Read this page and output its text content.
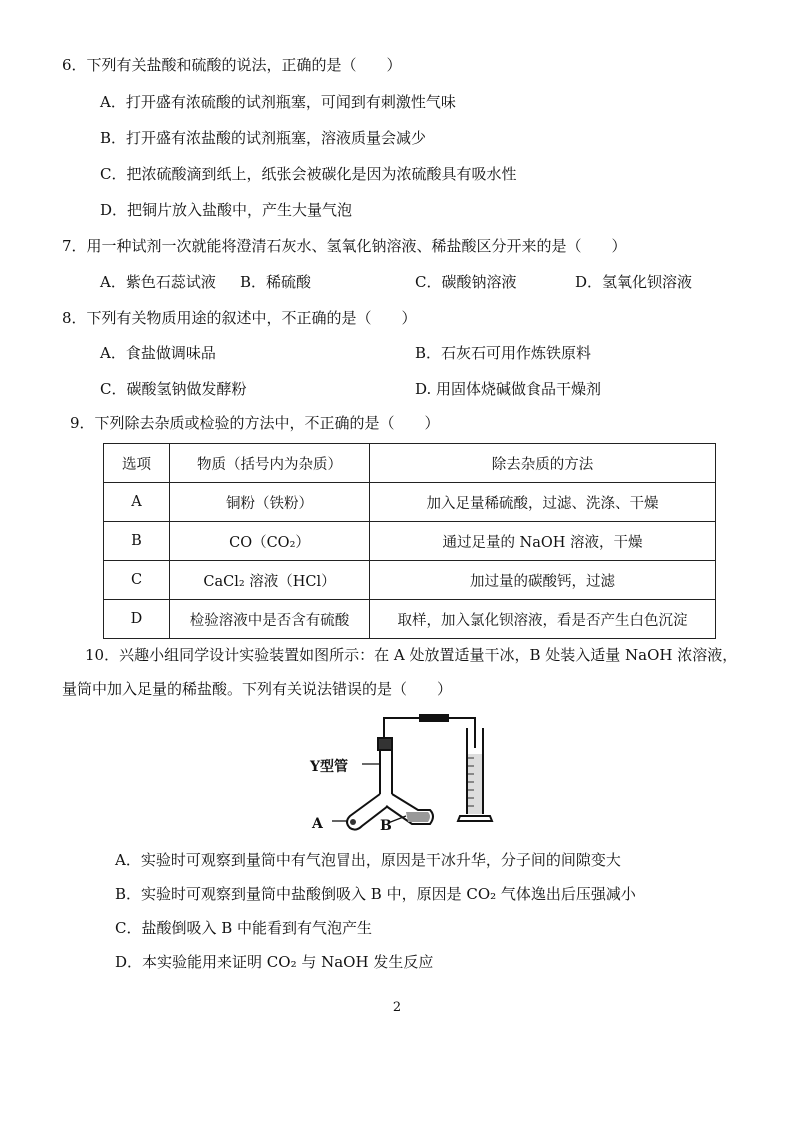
6．下列有关盐酸和硫酸的说法，正确的是（　　）
A．打开盛有浓硫酸的试剂瓶塞，可闻到有刺激性气味
B．打开盛有浓盐酸的试剂瓶塞，溶液质量会减少
C．把浓硫酸滴到纸上，纸张会被碳化是因为浓硫酸具有吸水性
D．把铜片放入盐酸中，产生大量气泡
7．用一种试剂一次就能将澄清石灰水、氢氧化钠溶液、稀盐酸区分开来的是（　　）
A．紫色石蕊试液 B．稀硫酸	C．碳酸钠溶液	D．氢氧化钡溶液
8．下列有关物质用途的叙述中，不正确的是（　　）
A．食盐做调味品	B．石灰石可用作炼铁原料
C．碳酸氢钠做发酵粉	D. 用固体烧碱做食品干燥剂
9．下列除去杂质或检验的方法中，不正确的是（　　）
选项	物质（括号内为杂质）	除去杂质的方法
A	铜粉（铁粉）	加入足量稀硫酸，过滤、洗涤、干燥
B	CO（CO₂）	通过足量的 NaOH 溶液，干燥
C	CaCl₂ 溶液（HCl）	加过量的碳酸钙，过滤
D	检验溶液中是否含有硫酸	取样，加入氯化钡溶液，看是否产生白色沉淀
10．兴趣小组同学设计实验装置如图所示：在 A 处放置适量干冰，B 处装入适量 NaOH 浓溶液，
量筒中加入足量的稀盐酸。下列有关说法错误的是（　　）
Y型管
A	B
A．实验时可观察到量筒中有气泡冒出，原因是干冰升华，分子间的间隙变大
B．实验时可观察到量筒中盐酸倒吸入 B 中，原因是 CO₂ 气体逸出后压强减小
C．盐酸倒吸入 B 中能看到有气泡产生
D．本实验能用来证明 CO₂ 与 NaOH 发生反应
2
